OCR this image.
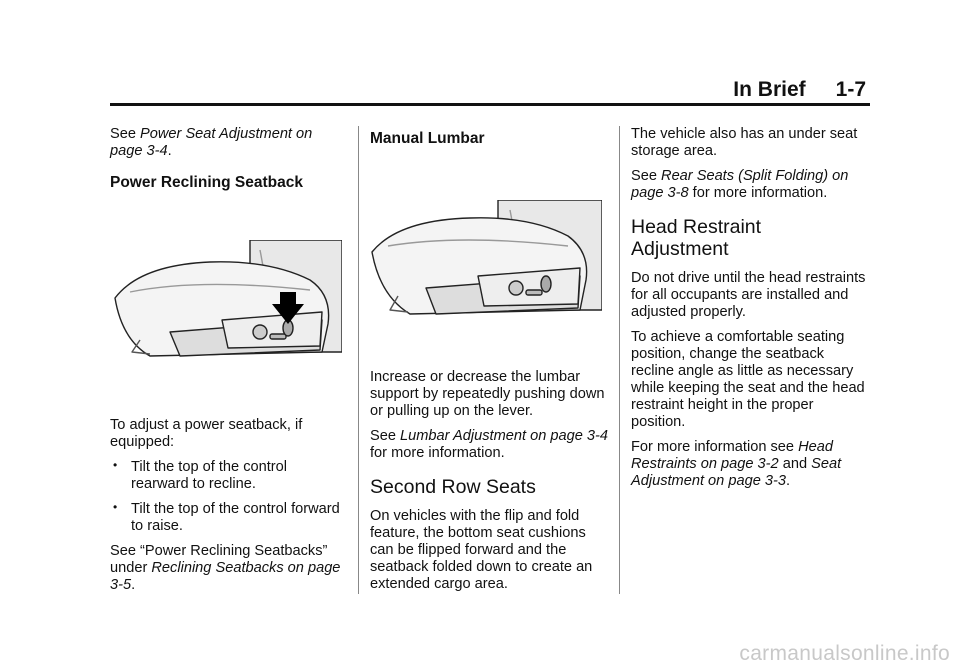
In Brief 1-7

See Power Seat Adjustment on page 3-4.

Power Reclining Seatback

To adjust a power seatback, if equipped:

• Tilt the top of the control rearward to recline.
• Tilt the top of the control forward to raise.

See “Power Reclining Seatbacks” under Reclining Seatbacks on page 3-5.

Manual Lumbar

Increase or decrease the lumbar support by repeatedly pushing down or pulling up on the lever.

See Lumbar Adjustment on page 3-4 for more information.

Second Row Seats

On vehicles with the flip and fold feature, the bottom seat cushions can be flipped forward and the seatback folded down to create an extended cargo area.

The vehicle also has an under seat storage area.

See Rear Seats (Split Folding) on page 3-8 for more information.

Head Restraint Adjustment

Do not drive until the head restraints for all occupants are installed and adjusted properly.

To achieve a comfortable seating position, change the seatback recline angle as little as necessary while keeping the seat and the head restraint height in the proper position.

For more information see Head Restraints on page 3-2 and Seat Adjustment on page 3-3.

carmanualsonline.info
